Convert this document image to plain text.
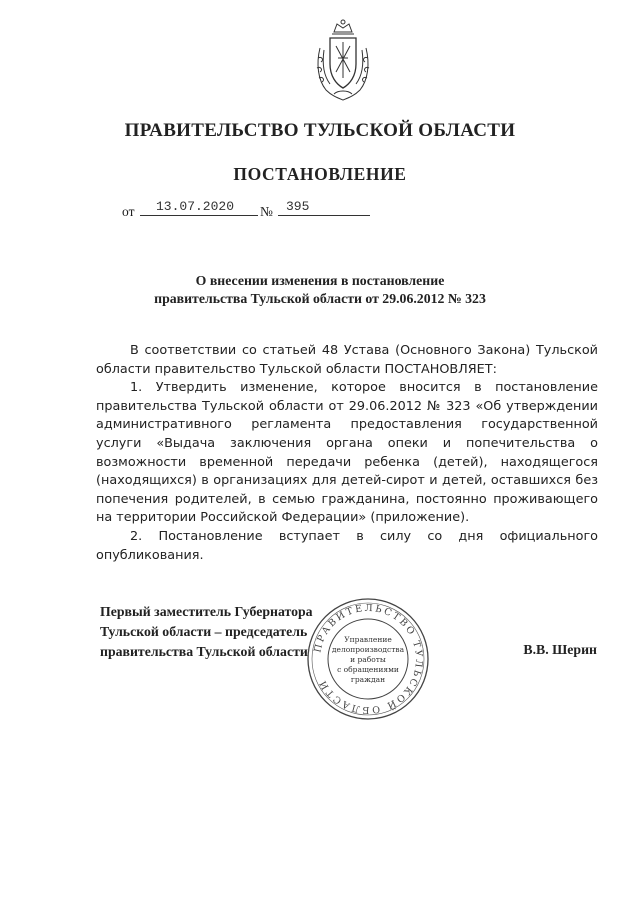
ПРАВИТЕЛЬСТВО ТУЛЬСКОЙ ОБЛАСТИ
ПОСТАНОВЛЕНИЕ
от	13.07.2020	№	395
О внесении изменения в постановление
правительства Тульской области от 29.06.2012 № 323

В соответствии со статьей 48 Устава (Основного Закона) Тульской области правительство Тульской области ПОСТАНОВЛЯЕТ:

1. Утвердить изменение, которое вносится в постановление правительства Тульской области от 29.06.2012 № 323 «Об утверждении административного регламента предоставления государственной услуги «Выдача заключения органа опеки и попечительства о возможности временной передачи ребенка (детей), находящегося (находящихся) в организациях для детей-сирот и детей, оставшихся без попечения родителей, в семью гражданина, постоянно проживающего на территории Российской Федерации» (приложение).

2. Постановление вступает в силу со дня официального опубликования.

Первый заместитель Губернатора
Тульской области – председатель
правительства Тульской области	В.В. Шерин
ПРАВИТЕЛЬСТВО ТУЛЬСКОЙ ОБЛАСТИ
Управление
делопроизводства
и работы
с обращениями
граждан
